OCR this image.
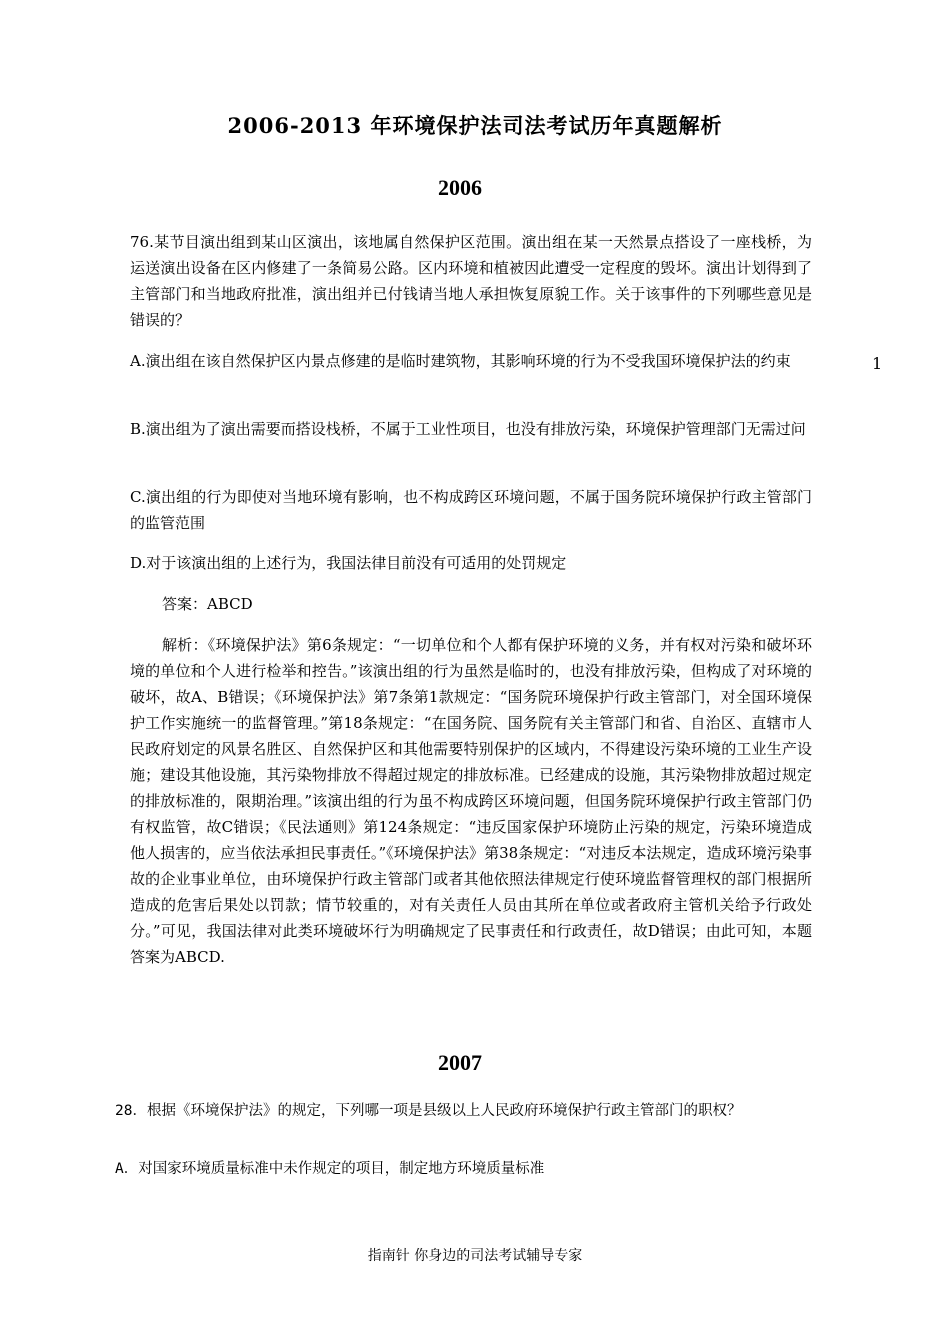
2006-2013 年环境保护法司法考试历年真题解析
2006

76.某节目演出组到某山区演出，该地属自然保护区范围。演出组在某一天然景点搭设了一座栈桥，为运送演出设备在区内修建了一条简易公路。区内环境和植被因此遭受一定程度的毁坏。演出计划得到了主管部门和当地政府批准，演出组并已付钱请当地人承担恢复原貌工作。关于该事件的下列哪些意见是错误的？

A.演出组在该自然保护区内景点修建的是临时建筑物，其影响环境的行为不受我国环境保护法的约束	1

B.演出组为了演出需要而搭设栈桥，不属于工业性项目，也没有排放污染，环境保护管理部门无需过问

C.演出组的行为即使对当地环境有影响，也不构成跨区环境问题，不属于国务院环境保护行政主管部门的监管范围

D.对于该演出组的上述行为，我国法律目前没有可适用的处罚规定

答案：ABCD

解析：《环境保护法》第6条规定：“一切单位和个人都有保护环境的义务，并有权对污染和破坏环境的单位和个人进行检举和控告。”该演出组的行为虽然是临时的，也没有排放污染，但构成了对环境的破坏，故A、B错误；《环境保护法》第7条第1款规定：“国务院环境保护行政主管部门，对全国环境保护工作实施统一的监督管理。”第18条规定：“在国务院、国务院有关主管部门和省、自治区、直辖市人民政府划定的风景名胜区、自然保护区和其他需要特别保护的区域内，不得建设污染环境的工业生产设施；建设其他设施，其污染物排放不得超过规定的排放标准。已经建成的设施，其污染物排放超过规定的排放标准的，限期治理。”该演出组的行为虽不构成跨区环境问题，但国务院环境保护行政主管部门仍有权监管，故C错误；《民法通则》第124条规定：“违反国家保护环境防止污染的规定，污染环境造成他人损害的，应当依法承担民事责任。”《环境保护法》第38条规定：“对违反本法规定，造成环境污染事故的企业事业单位，由环境保护行政主管部门或者其他依照法律规定行使环境监督管理权的部门根据所造成的危害后果处以罚款；情节较重的，对有关责任人员由其所在单位或者政府主管机关给予行政处分。”可见，我国法律对此类环境破坏行为明确规定了民事责任和行政责任，故D错误；由此可知，本题答案为ABCD.

2007

28．根据《环境保护法》的规定，下列哪一项是县级以上人民政府环境保护行政主管部门的职权？

A．对国家环境质量标准中未作规定的项目，制定地方环境质量标准

指南针 你身边的司法考试辅导专家
